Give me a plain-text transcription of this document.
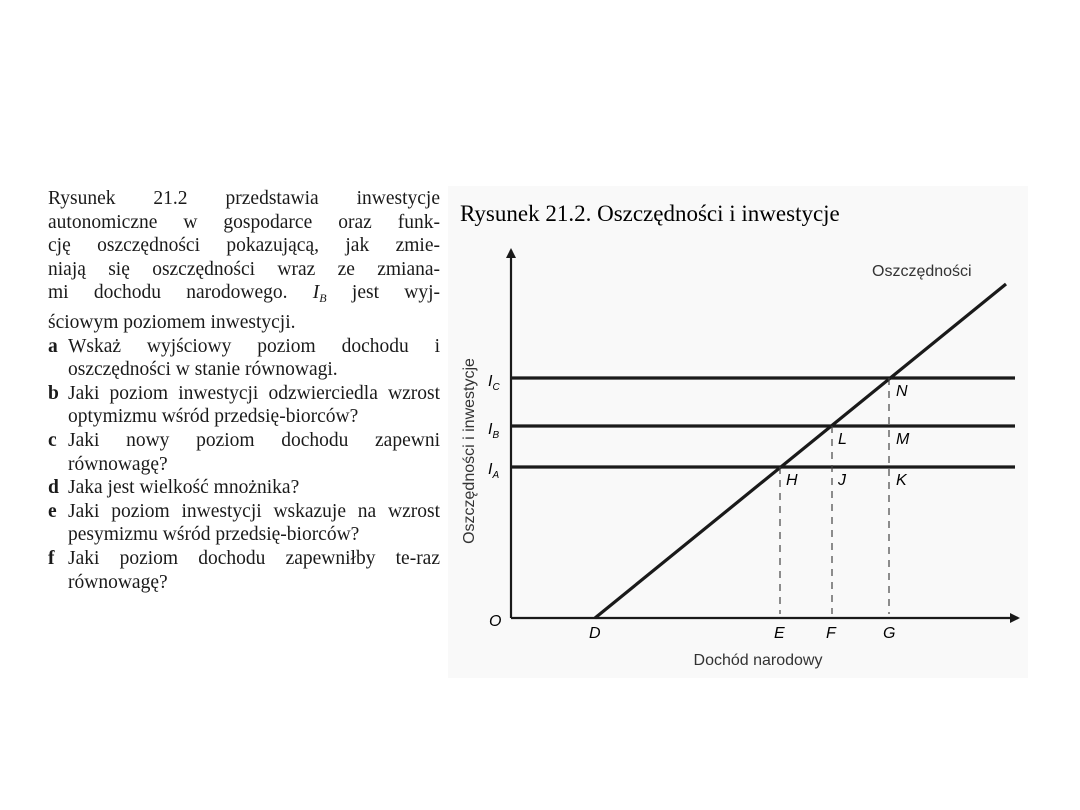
Rysunek 21.2 przedstawia inwestycje

autonomiczne w gospodarce oraz funk-

cję oszczędności pokazującą, jak zmie-

niają się oszczędności wraz ze zmiana-

mi dochodu narodowego. $I_B$ jest wyj-

ściowym poziomem inwestycji.

a Wskaż wyjściowy poziom dochodu i oszczędności w stanie równowagi.
b Jaki poziom inwestycji odzwierciedla wzrost optymizmu wśród przedsię-biorców?
c Jaki nowy poziom dochodu zapewni równowagę?
d Jaka jest wielkość mnożnika?
e Jaki poziom inwestycji wskazuje na wzrost pesymizmu wśród przedsię-biorców?
f Jaki poziom dochodu zapewniłby te-raz równowagę?
Rysunek 21.2. Oszczędności i inwestycje
Oszczędności
Oszczędności i inwestycje $I_C$
$I_B$
$I_A$
O
D	E	F	G
N
L	M
H	J	K
Dochód narodowy
